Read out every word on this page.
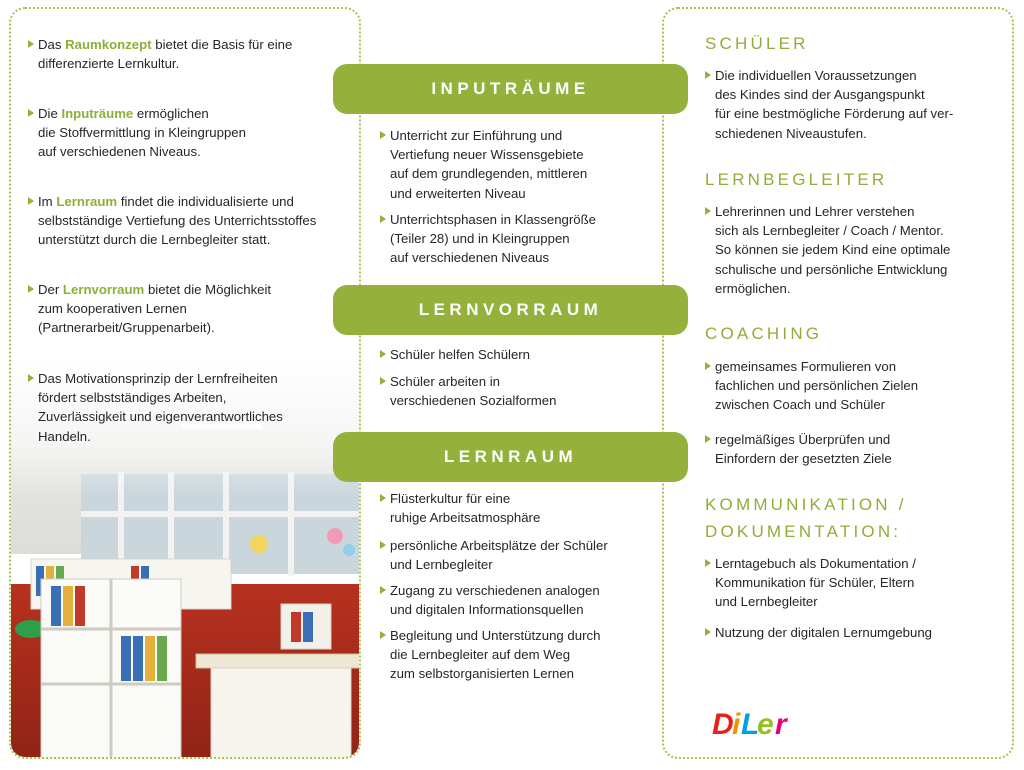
Das Raumkonzept bietet die Basis für eine

differenzierte Lernkultur.

Die Inputräume ermöglichen

die Stoffvermittlung in Kleingruppen

auf verschiedenen Niveaus.

Im Lernraum findet die individualisierte und

selbstständige Vertiefung des Unterrichtsstoffes

unterstützt durch die Lernbegleiter statt.

Der Lernvorraum bietet die Möglichkeit

zum kooperativen Lernen

(Partnerarbeit/Gruppenarbeit).

Das Motivationsprinzip der Lernfreiheiten

fördert selbstständiges Arbeiten,

Zuverlässigkeit und eigenverantwortliches

Handeln.

INPUTRÄUME
LERNVORRAUM
LERNRAUM

Unterricht zur Einführung und

Vertiefung neuer Wissensgebiete

auf dem grundlegenden, mittleren

und erweiterten Niveau

Unterrichtsphasen in Klassengröße

(Teiler 28) und in Kleingruppen

auf verschiedenen Niveaus

Schüler helfen Schülern

Schüler arbeiten in

verschiedenen Sozialformen

Flüsterkultur für eine

ruhige Arbeitsatmosphäre

persönliche Arbeitsplätze der Schüler

und Lernbegleiter

Zugang zu verschiedenen analogen

und digitalen Informationsquellen

Begleitung und Unterstützung durch

die Lernbegleiter auf dem Weg

zum selbstorganisierten Lernen

SCHÜLER

Die individuellen Voraussetzungen

des Kindes sind der Ausgangspunkt

für eine bestmögliche Förderung auf ver-

schiedenen Niveaustufen.

LERNBEGLEITER

Lehrerinnen und Lehrer verstehen

sich als Lernbegleiter / Coach / Mentor.

So können sie jedem Kind eine optimale

schulische und persönliche Entwicklung

ermöglichen.

COACHING

gemeinsames Formulieren von

fachlichen und persönlichen Zielen

zwischen Coach und Schüler

regelmäßiges Überprüfen und

Einfordern der gesetzten Ziele

KOMMUNIKATION /
DOKUMENTATION:

Lerntagebuch als Dokumentation /

Kommunikation für Schüler, Eltern

und Lernbegleiter

Nutzung der digitalen Lernumgebung

D
i L
e r
